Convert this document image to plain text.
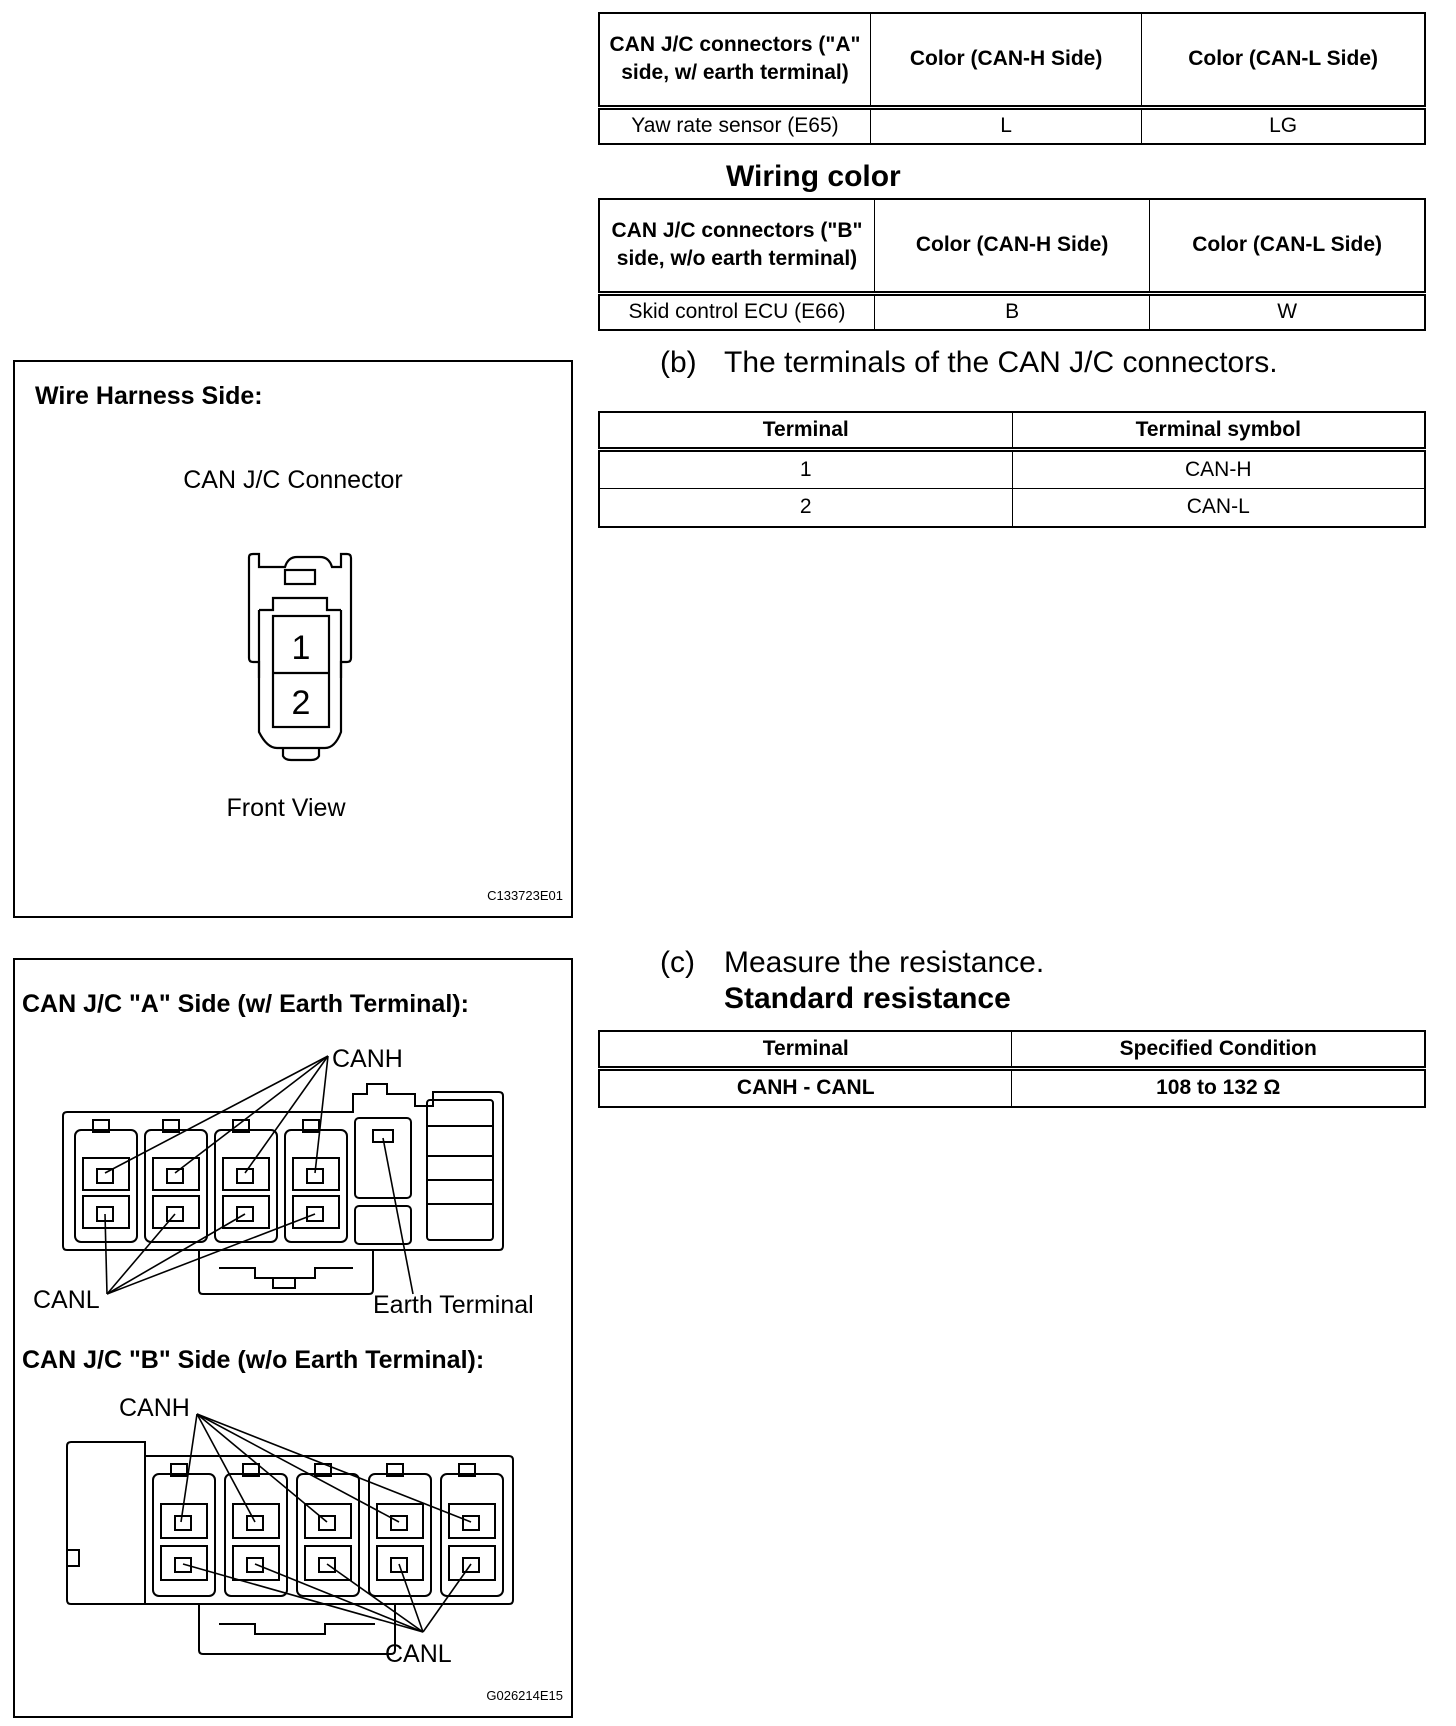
CAN J/C connectors ("A" side, w/ earth terminal)	Color (CAN-H Side)	Color (CAN-L Side)
Yaw rate sensor (E65)	L	LG
Wiring color
CAN J/C connectors ("B" side, w/o earth terminal)	Color (CAN-H Side)	Color (CAN-L Side)
Skid control ECU (E66)	B	W
(b) The terminals of the CAN J/C connectors.
Terminal	Terminal symbol
1	CAN-H
2	CAN-L
(c) Measure the resistance.
Standard resistance
Terminal	Specified Condition
CANH - CANL	108 to 132 Ω
Wire Harness Side:
CAN J/C Connector
1
2
Front View
C133723E01
CAN J/C "A" Side (w/ Earth Terminal):
CANH
CANL	Earth Terminal
CAN J/C "B" Side (w/o Earth Terminal):
CANH
CANL
G026214E15
